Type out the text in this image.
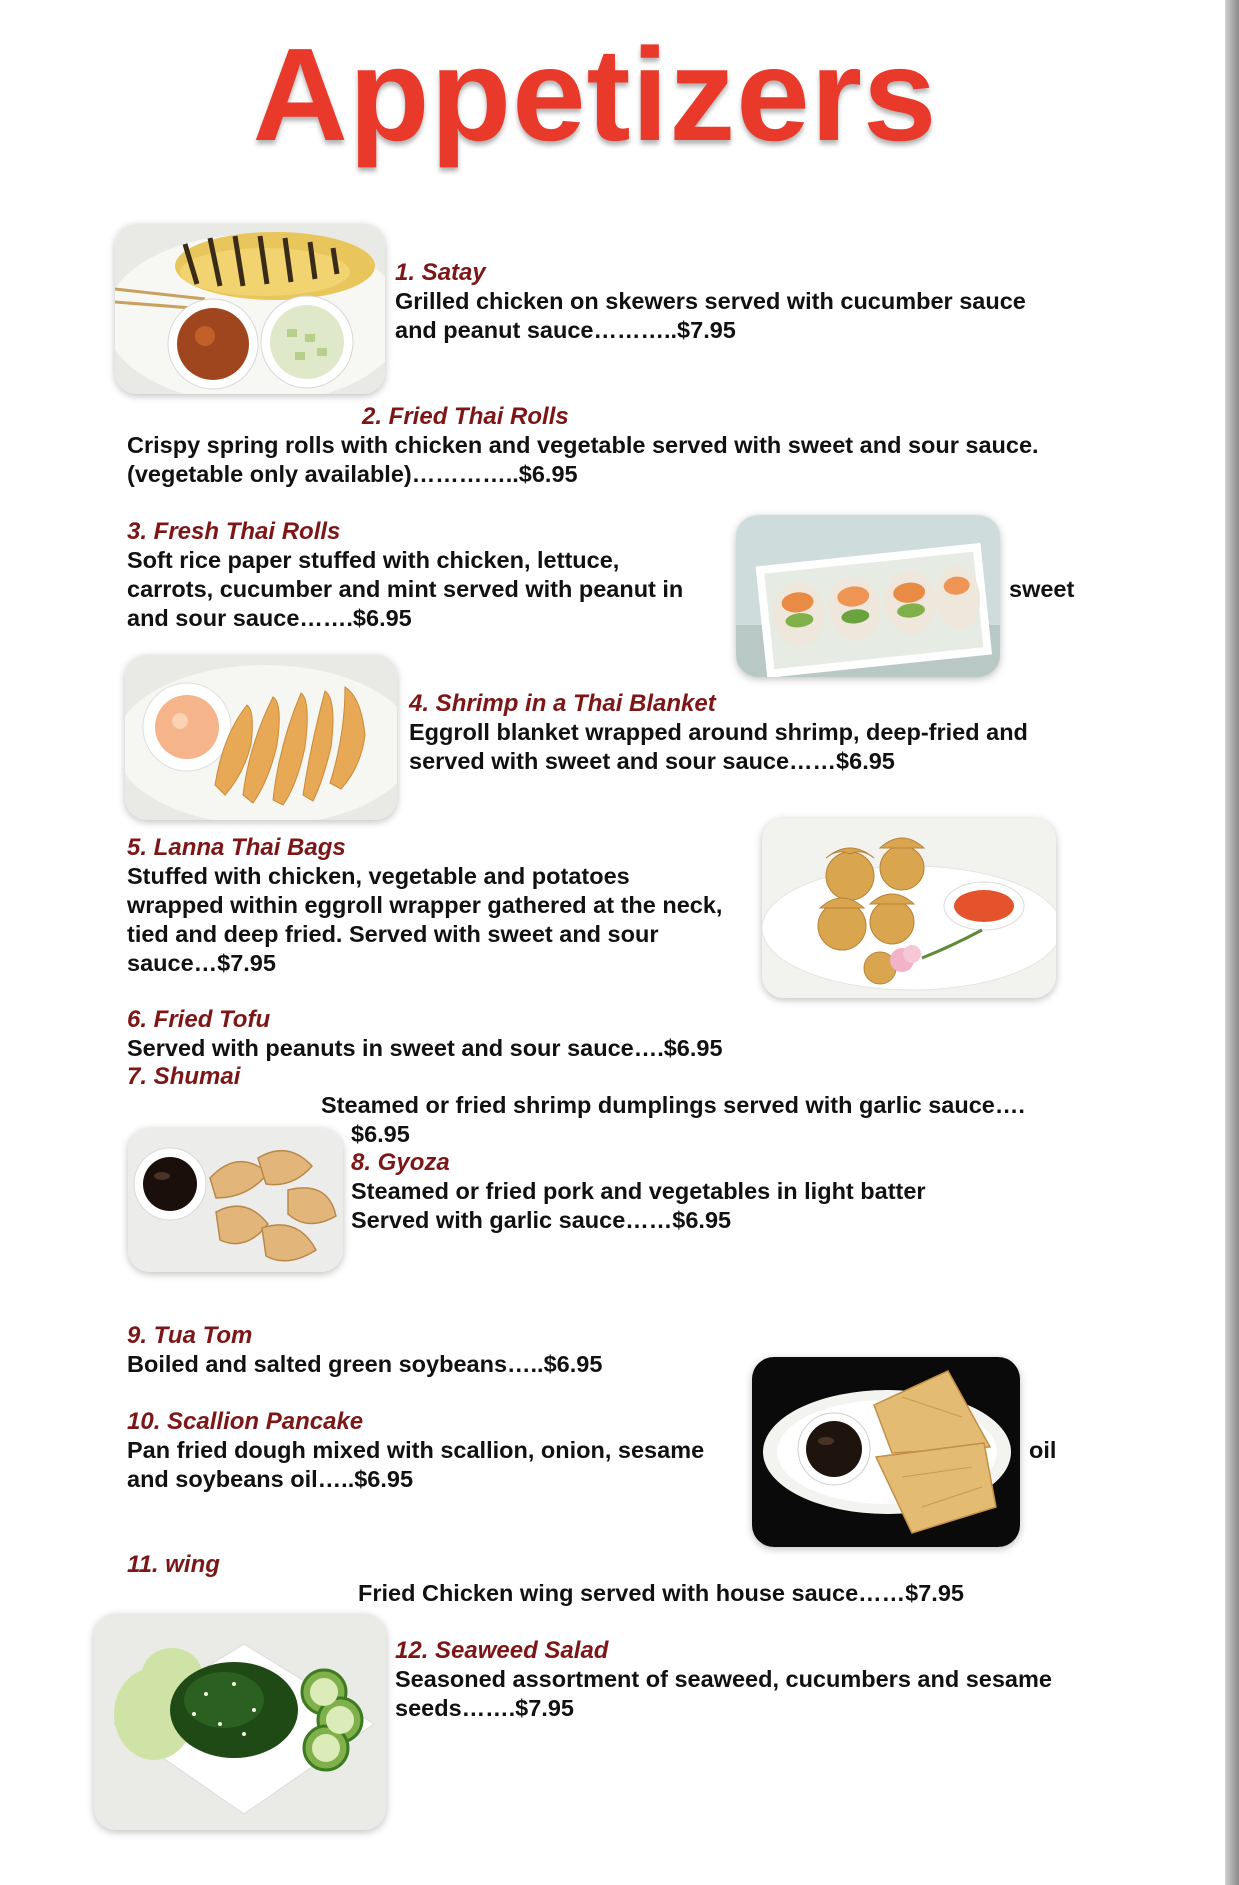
Appetizers
1. Satay
Grilled chicken on skewers served with cucumber sauce
and peanut sauce………..$7.95
2. Fried Thai Rolls
Crispy spring rolls with chicken and vegetable served with sweet and sour sauce.
(vegetable only available)…………..$6.95
3. Fresh Thai Rolls
Soft rice paper stuffed with chicken, lettuce,
carrots, cucumber and mint served with peanut in
and sour sauce…….$6.95
sweet
4. Shrimp in a Thai Blanket
Eggroll blanket wrapped around shrimp, deep-fried and
served with sweet and sour sauce……$6.95
5. Lanna Thai Bags
Stuffed with chicken, vegetable and potatoes
wrapped within eggroll wrapper gathered at the neck,
tied and deep fried. Served with sweet and sour
sauce…$7.95
6. Fried Tofu
Served with peanuts in sweet and sour sauce….$6.95
7. Shumai
Steamed or fried shrimp dumplings served with garlic sauce….
$6.95
8. Gyoza
Steamed or fried pork and vegetables in light batter
Served with garlic sauce……$6.95
9. Tua Tom
Boiled and salted green soybeans…..$6.95
10. Scallion Pancake
Pan fried dough mixed with scallion, onion, sesame
and soybeans oil…..$6.95
oil
11. wing
Fried Chicken wing served with house sauce……$7.95
12. Seaweed Salad
Seasoned assortment of seaweed, cucumbers and sesame
seeds…….$7.95
